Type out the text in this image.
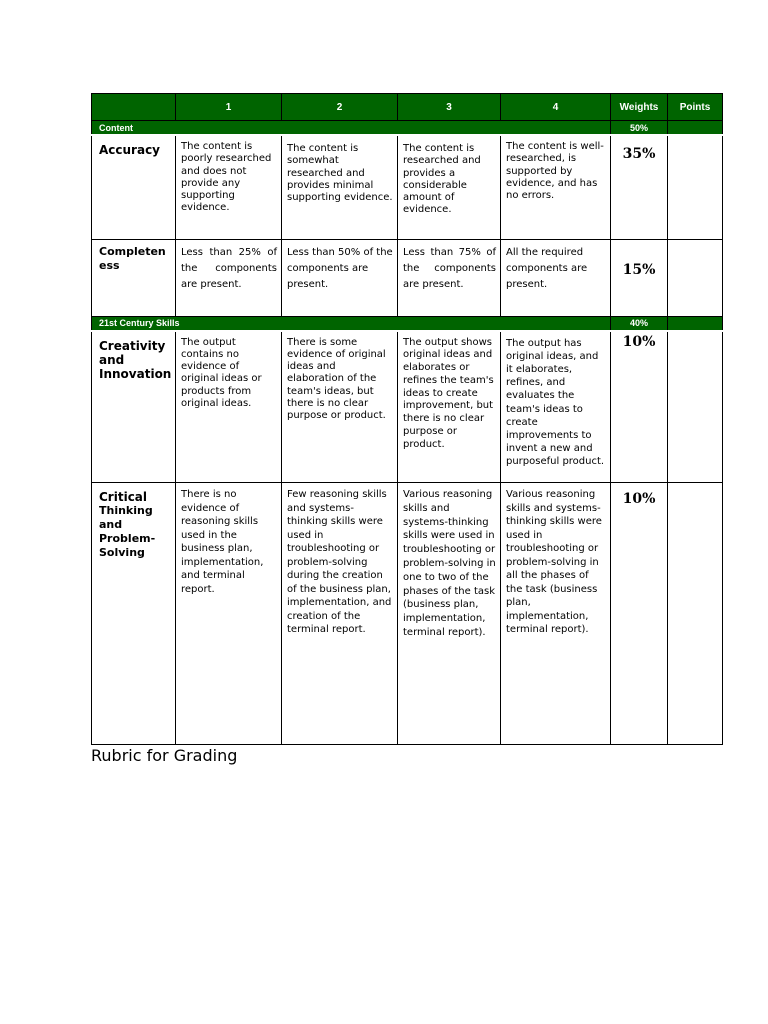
	1	2	3	4	Weights	Points
Content					50%	
Accuracy	The content is poorly researched and does not provide any supporting evidence.	The content is somewhat researched and provides minimal supporting evidence.	The content is researched and provides a considerable amount of evidence.	The content is well-researched, is supported by evidence, and has no errors.	35%	
Completeness	Less than 25% of the components are present.	Less than 50% of the components are present.	Less than 75% of the components are present.	All the required components are present.	15%	
21st Century Skills					40%	
Creativity and Innovation	The output contains no evidence of original ideas or products from original ideas.	There is some evidence of original ideas and elaboration of the team's ideas, but there is no clear purpose or product.	The output shows original ideas and elaborates or refines the team's ideas to create improvement, but there is no clear purpose or product.	The output has original ideas, and it elaborates, refines, and evaluates the team's ideas to create improvements to invent a new and purposeful product.	10%	

Critical
Thinking and
Problem-Solving	There is no evidence of reasoning skills used in the business plan, implementation, and terminal report.	Few reasoning skills and systems-thinking skills were used in troubleshooting or problem-solving during the creation of the business plan, implementation, and creation of the terminal report.	Various reasoning skills and systems-thinking skills were used in troubleshooting or problem-solving in one to two of the phases of the task (business plan, implementation, terminal report).	Various reasoning skills and systems-thinking skills were used in troubleshooting or problem-solving in all the phases of the task (business plan, implementation, terminal report).	10%	
Rubric for Grading
